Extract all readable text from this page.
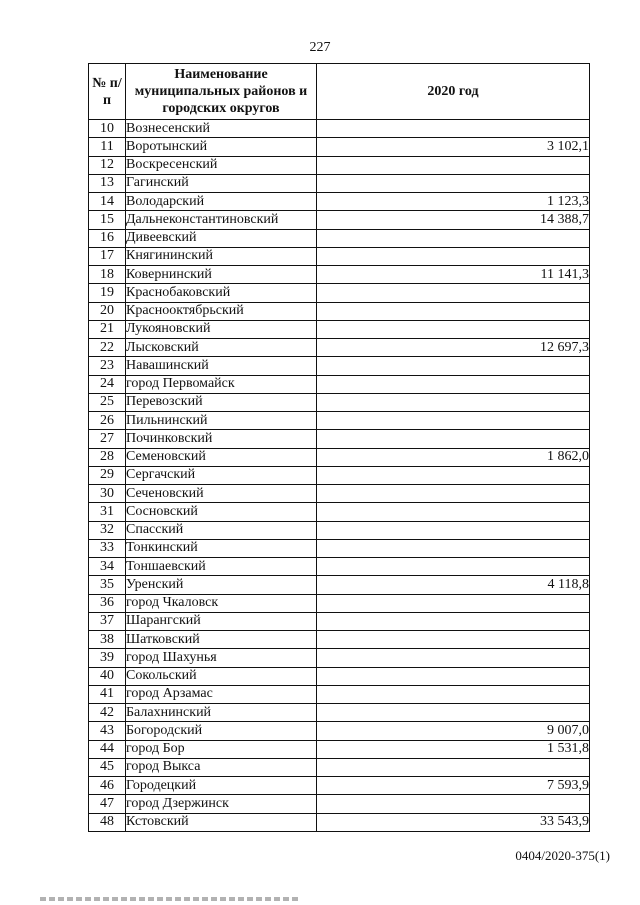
227
№ п/п	Наименование муниципальных районов и городских округов	2020 год
10	Вознесенский	
11	Воротынский	3 102,1
12	Воскресенский	
13	Гагинский	
14	Володарский	1 123,3
15	Дальнеконстантиновский	14 388,7
16	Дивеевский	
17	Княгининский	
18	Ковернинский	11 141,3
19	Краснобаковский	
20	Краснооктябрьский	
21	Лукояновский	
22	Лысковский	12 697,3
23	Навашинский	
24	город Первомайск	
25	Перевозский	
26	Пильнинский	
27	Починковский	
28	Семеновский	1 862,0
29	Сергачский	
30	Сеченовский	
31	Сосновский	
32	Спасский	
33	Тонкинский	
34	Тоншаевский	
35	Уренский	4 118,8
36	город Чкаловск	
37	Шарангский	
38	Шатковский	
39	город Шахунья	
40	Сокольский	
41	город Арзамас	
42	Балахнинский	
43	Богородский	9 007,0
44	город Бор	1 531,8
45	город Выкса	
46	Городецкий	7 593,9
47	город Дзержинск	
48	Кстовский	33 543,9
0404/2020-375(1)
